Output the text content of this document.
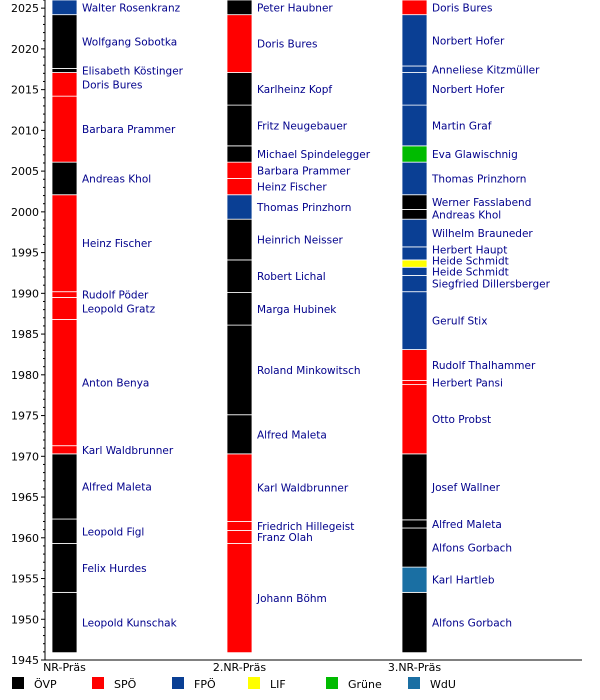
1945
1950
1955
1960
1965
1970
1975
1980
1985
1990
1995
2000
2005
2010
2015
2020
2025
Leopold Kunschak
Felix Hurdes
Leopold Figl
Alfred Maleta
Karl Waldbrunner
Anton Benya
Leopold Gratz
Rudolf Pöder
Heinz Fischer
Andreas Khol
Barbara Prammer
Doris Bures
Elisabeth Köstinger
Wolfgang Sobotka
Walter Rosenkranz
Johann Böhm
Franz Olah
Friedrich Hillegeist
Karl Waldbrunner
Alfred Maleta
Roland Minkowitsch
Marga Hubinek
Robert Lichal
Heinrich Neisser
Thomas Prinzhorn
Heinz Fischer
Barbara Prammer
Michael Spindelegger
Fritz Neugebauer
Karlheinz Kopf
Doris Bures
Peter Haubner
Alfons Gorbach
Karl Hartleb
Alfons Gorbach
Alfred Maleta
Josef Wallner
Otto Probst
Herbert Pansi
Rudolf Thalhammer
Gerulf Stix
Siegfried Dillersberger
Heide Schmidt
Heide Schmidt
Herbert Haupt
Wilhelm Brauneder
Andreas Khol
Werner Fasslabend
Thomas Prinzhorn
Eva Glawischnig
Martin Graf
Norbert Hofer
Anneliese Kitzmüller
Norbert Hofer
Doris Bures
NR-Präs	2.NR-Präs	3.NR-Präs
ÖVP	SPÖ	FPÖ	LIF	Grüne	WdU
